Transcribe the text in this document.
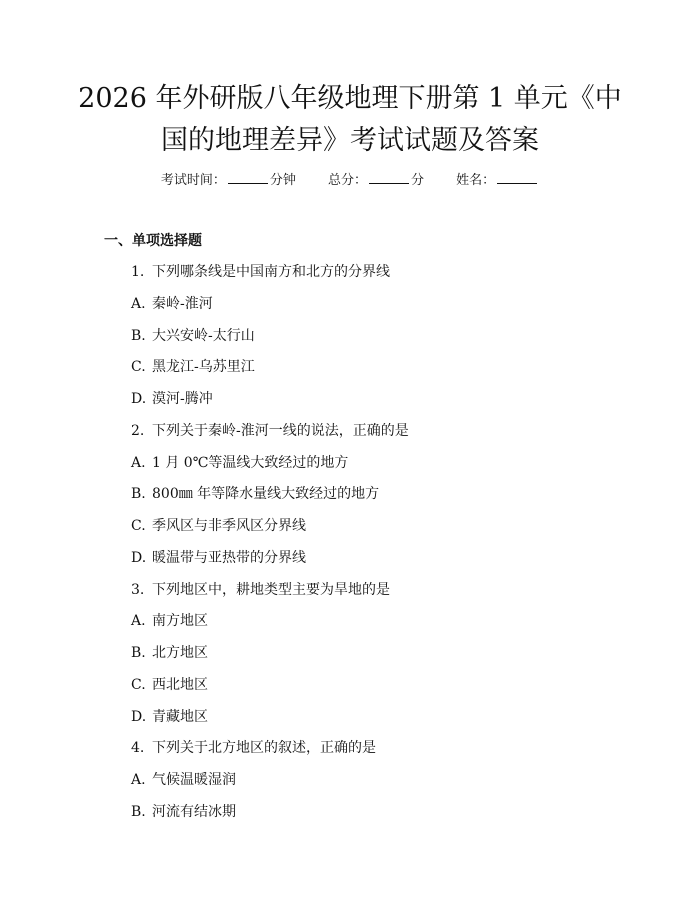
2026 年外研版八年级地理下册第 1 单元《中
国的地理差异》考试试题及答案
考试时间：	分钟 总分：	分 姓名：
一、单项选择题
1. 下列哪条线是中国南方和北方的分界线
A. 秦岭-淮河
B. 大兴安岭-太行山
C. 黑龙江-乌苏里江
D. 漠河-腾冲
2. 下列关于秦岭-淮河一线的说法，正确的是
A. 1 月 0℃等温线大致经过的地方
B. 800㎜ 年等降水量线大致经过的地方
C. 季风区与非季风区分界线
D. 暖温带与亚热带的分界线
3. 下列地区中，耕地类型主要为旱地的是
A. 南方地区
B. 北方地区
C. 西北地区
D. 青藏地区
4. 下列关于北方地区的叙述，正确的是
A. 气候温暖湿润
B. 河流有结冰期
